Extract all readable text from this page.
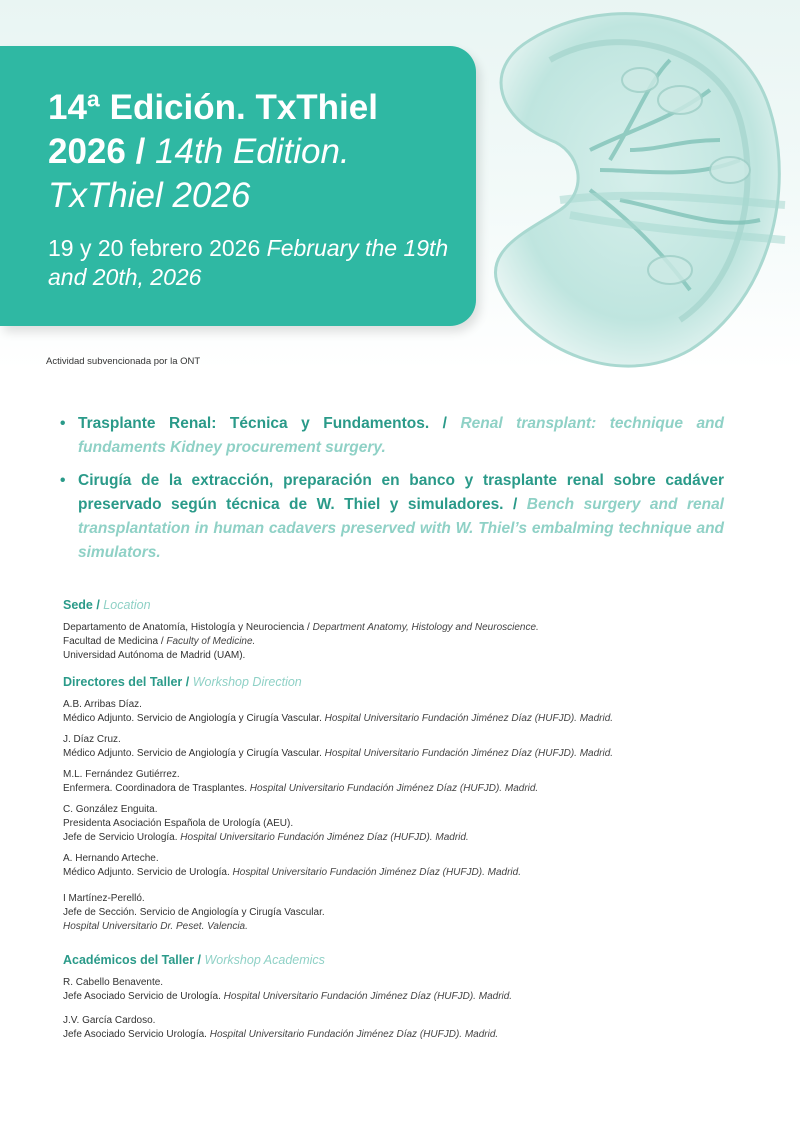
14ª Edición. TxThiel 2026 / 14th Edition. TxThiel 2026
19 y 20 febrero 2026 February the 19th and 20th, 2026
Actividad subvencionada por la ONT
• Trasplante Renal: Técnica y Fundamentos. / Renal transplant: technique and fundaments Kidney procurement surgery.
• Cirugía de la extracción, preparación en banco y trasplante renal sobre cadáver preservado según técnica de W. Thiel y simuladores. / Bench surgery and renal transplantation in human cadavers preserved with W. Thiel’s embalming technique and simulators.
Sede / Location
Departamento de Anatomía, Histología y Neurociencia / Department Anatomy, Histology and Neuroscience.
Facultad de Medicina / Faculty of Medicine.
Universidad Autónoma de Madrid (UAM).
Directores del Taller / Workshop Direction
A.B. Arribas Díaz.
Médico Adjunto. Servicio de Angiología y Cirugía Vascular. Hospital Universitario Fundación Jiménez Díaz (HUFJD). Madrid.
J. Díaz Cruz.
Médico Adjunto. Servicio de Angiología y Cirugía Vascular. Hospital Universitario Fundación Jiménez Díaz (HUFJD). Madrid.
M.L. Fernández Gutiérrez.
Enfermera. Coordinadora de Trasplantes. Hospital Universitario Fundación Jiménez Díaz (HUFJD). Madrid.
C. González Enguita.
Presidenta Asociación Española de Urología (AEU).
Jefe de Servicio Urología. Hospital Universitario Fundación Jiménez Díaz (HUFJD). Madrid.
A. Hernando Arteche.
Médico Adjunto. Servicio de Urología. Hospital Universitario Fundación Jiménez Díaz (HUFJD). Madrid.
I Martínez-Perelló.
Jefe de Sección. Servicio de Angiología y Cirugía Vascular.
Hospital Universitario Dr. Peset. Valencia.
Académicos del Taller / Workshop Academics
R. Cabello Benavente.
Jefe Asociado Servicio de Urología. Hospital Universitario Fundación Jiménez Díaz (HUFJD). Madrid.
J.V. García Cardoso.
Jefe Asociado Servicio Urología. Hospital Universitario Fundación Jiménez Díaz (HUFJD). Madrid.
